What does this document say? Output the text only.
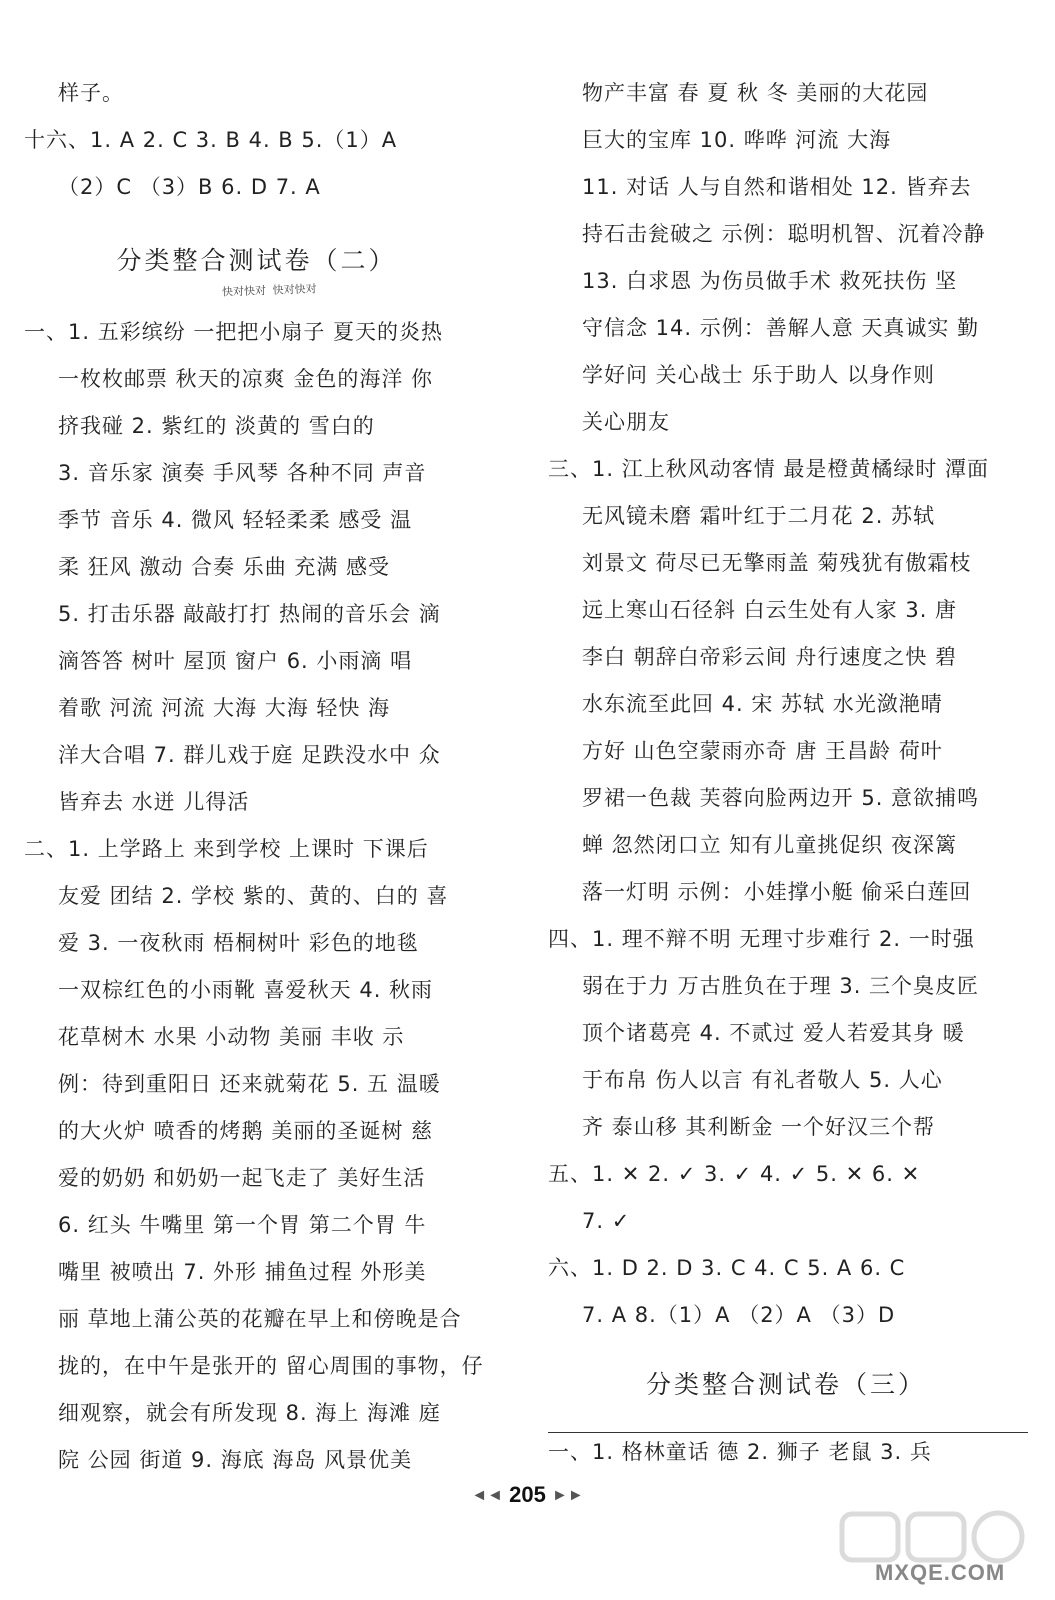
样子。
十六、1. A 2. C 3. B 4. B 5.（1）A
（2）C （3）B 6. D 7. A
分类整合测试卷（二）
一、1. 五彩缤纷 一把把小扇子 夏天的炎热
一枚枚邮票 秋天的凉爽 金色的海洋 你
挤我碰 2. 紫红的 淡黄的 雪白的
3. 音乐家 演奏 手风琴 各种不同 声音
季节 音乐 4. 微风 轻轻柔柔 感受 温
柔 狂风 激动 合奏 乐曲 充满 感受
5. 打击乐器 敲敲打打 热闹的音乐会 滴
滴答答 树叶 屋顶 窗户 6. 小雨滴 唱
着歌 河流 河流 大海 大海 轻快 海
洋大合唱 7. 群儿戏于庭 足跌没水中 众
皆弃去 水迸 儿得活
二、1. 上学路上 来到学校 上课时 下课后
友爱 团结 2. 学校 紫的、黄的、白的 喜
爱 3. 一夜秋雨 梧桐树叶 彩色的地毯
一双棕红色的小雨靴 喜爱秋天 4. 秋雨
花草树木 水果 小动物 美丽 丰收 示
例：待到重阳日 还来就菊花 5. 五 温暖
的大火炉 喷香的烤鹅 美丽的圣诞树 慈
爱的奶奶 和奶奶一起飞走了 美好生活
6. 红头 牛嘴里 第一个胃 第二个胃 牛
嘴里 被喷出 7. 外形 捕鱼过程 外形美
丽 草地上蒲公英的花瓣在早上和傍晚是合
拢的，在中午是张开的 留心周围的事物，仔
细观察，就会有所发现 8. 海上 海滩 庭
院 公园 街道 9. 海底 海岛 风景优美
快对快对 快对快对
物产丰富 春 夏 秋 冬 美丽的大花园
巨大的宝库 10. 哗哗 河流 大海
11. 对话 人与自然和谐相处 12. 皆弃去
持石击瓮破之 示例：聪明机智、沉着冷静
13. 白求恩 为伤员做手术 救死扶伤 坚
守信念 14. 示例：善解人意 天真诚实 勤
学好问 关心战士 乐于助人 以身作则
关心朋友
三、1. 江上秋风动客情 最是橙黄橘绿时 潭面
无风镜未磨 霜叶红于二月花 2. 苏轼
刘景文 荷尽已无擎雨盖 菊残犹有傲霜枝
远上寒山石径斜 白云生处有人家 3. 唐
李白 朝辞白帝彩云间 舟行速度之快 碧
水东流至此回 4. 宋 苏轼 水光潋滟晴
方好 山色空蒙雨亦奇 唐 王昌龄 荷叶
罗裙一色裁 芙蓉向脸两边开 5. 意欲捕鸣
蝉 忽然闭口立 知有儿童挑促织 夜深篱
落一灯明 示例：小娃撑小艇 偷采白莲回
四、1. 理不辩不明 无理寸步难行 2. 一时强
弱在于力 万古胜负在于理 3. 三个臭皮匠
顶个诸葛亮 4. 不贰过 爱人若爱其身 暖
于布帛 伤人以言 有礼者敬人 5. 人心
齐 泰山移 其利断金 一个好汉三个帮
五、1. ✕ 2. ✓ 3. ✓ 4. ✓ 5. ✕ 6. ✕
7. ✓
六、1. D 2. D 3. C 4. C 5. A 6. C
7. A 8.（1）A （2）A （3）D
分类整合测试卷（三）
一、1. 格林童话 德 2. 狮子 老鼠 3. 兵
◄◄ 205 ►►
MXQE.COM
